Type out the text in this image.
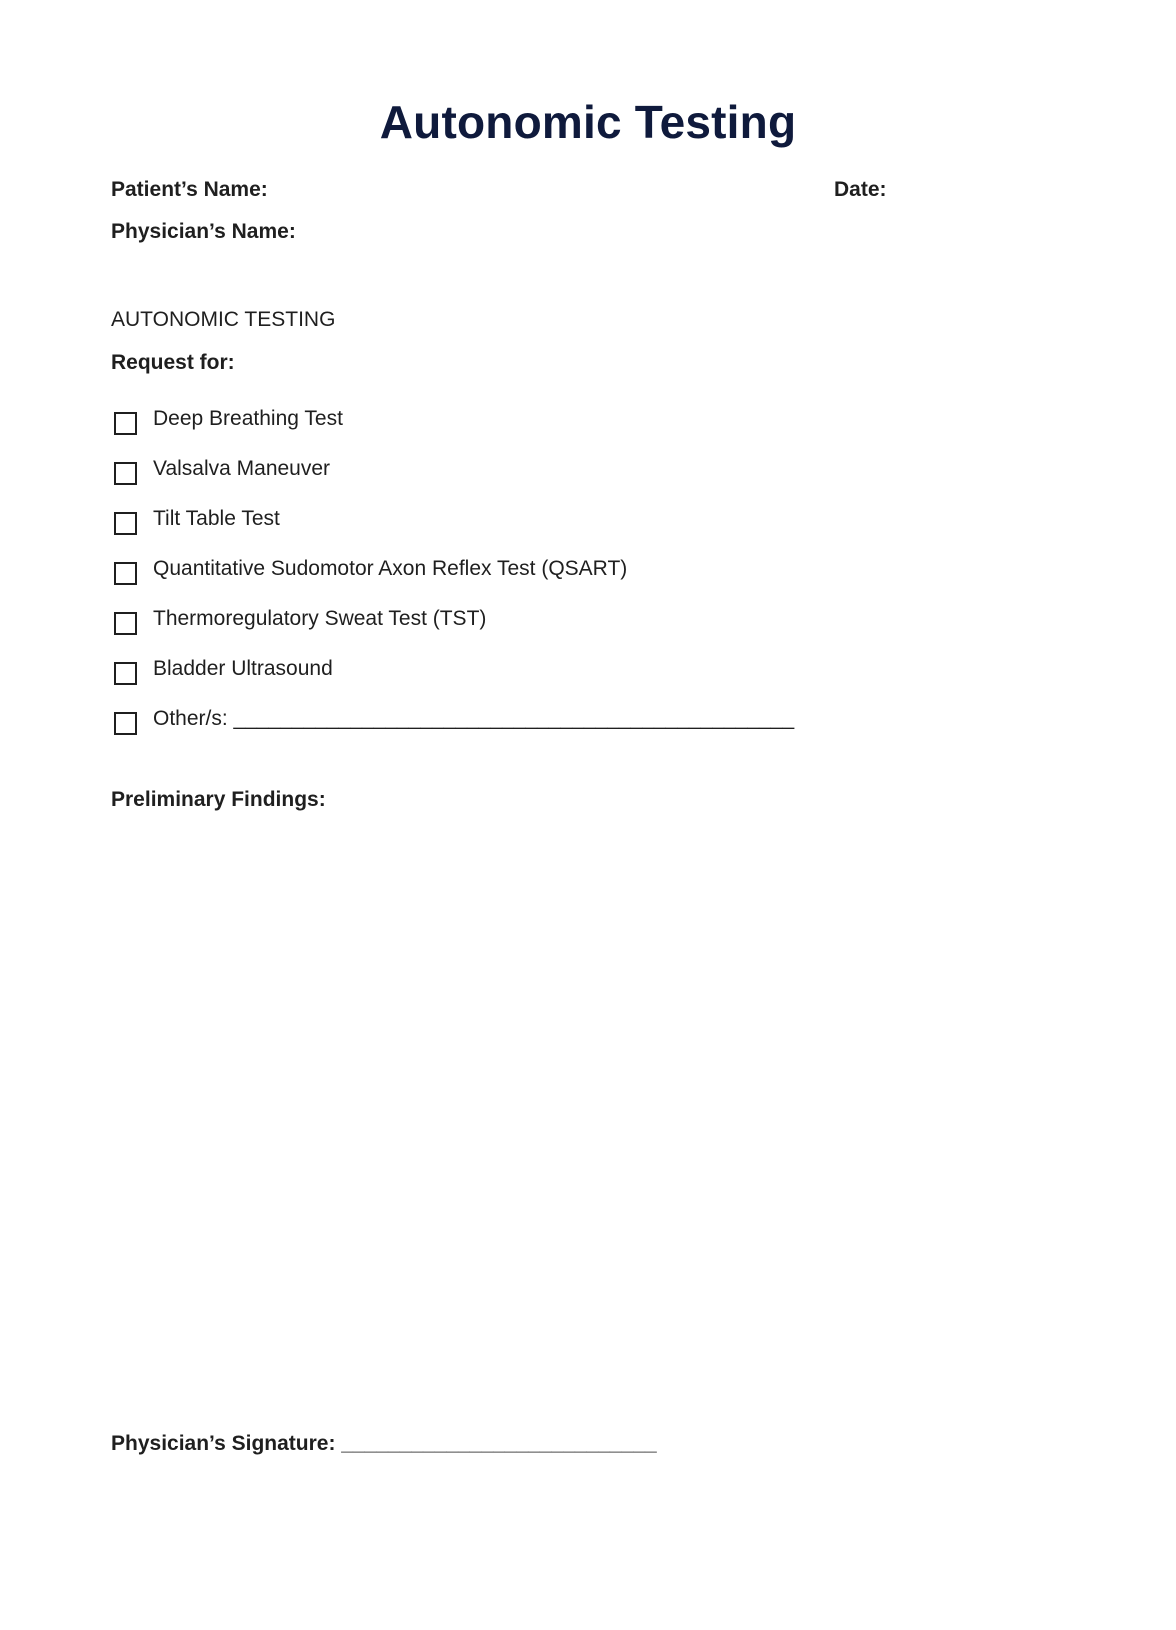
Autonomic Testing
Patient’s Name:	Date:
Physician’s Name:
AUTONOMIC TESTING
Request for:
Deep Breathing Test
Valsalva Maneuver
Tilt Table Test
Quantitative Sudomotor Axon Reflex Test (QSART)
Thermoregulatory Sweat Test (TST)
Bladder Ultrasound
Other/s: ________________________________________________
Preliminary Findings:
Physician’s Signature: ___________________________
